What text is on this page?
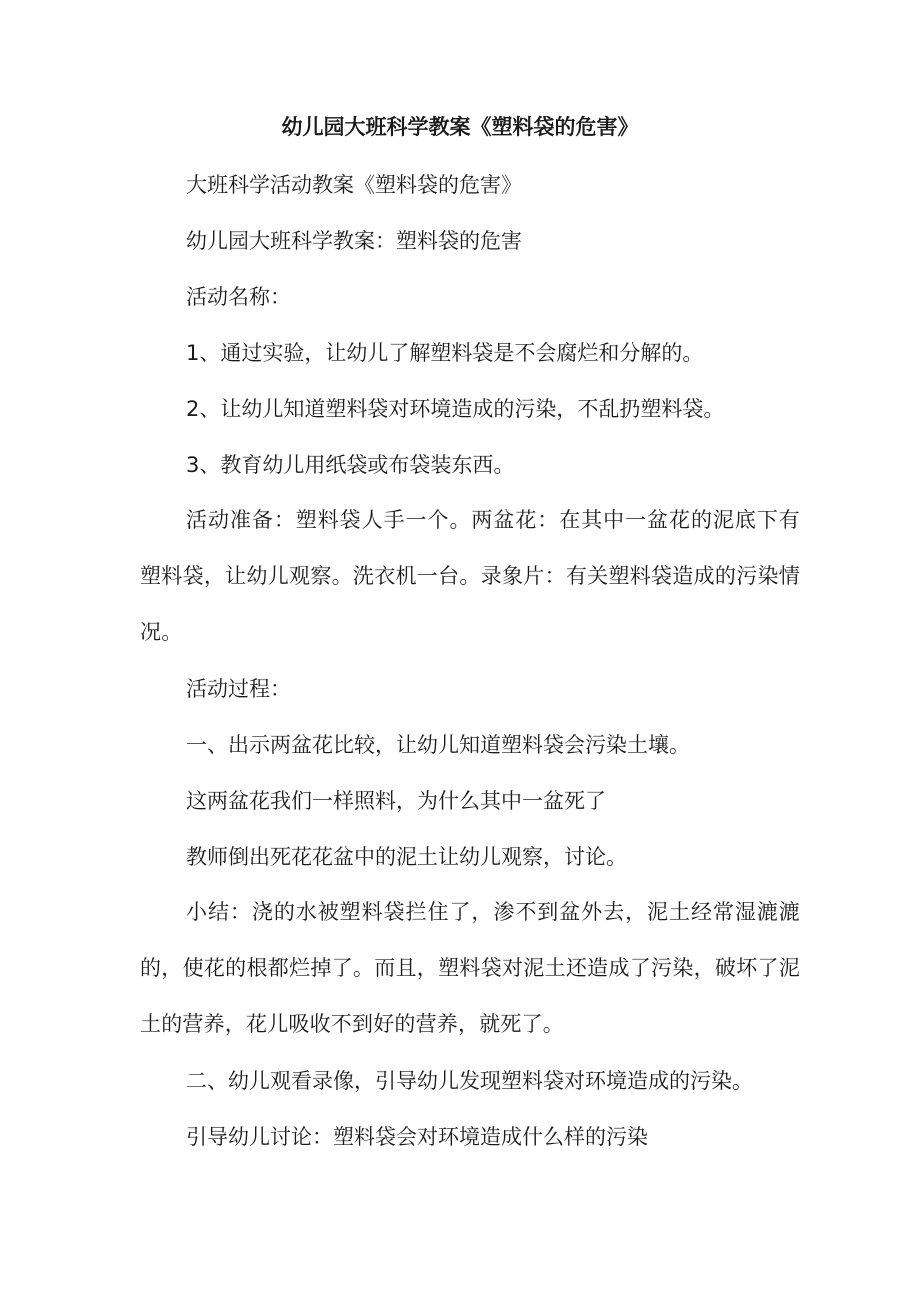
幼儿园大班科学教案《塑料袋的危害》
大班科学活动教案《塑料袋的危害》
幼儿园大班科学教案：塑料袋的危害
活动名称：
1、通过实验，让幼儿了解塑料袋是不会腐烂和分解的。
2、让幼儿知道塑料袋对环境造成的污染，不乱扔塑料袋。
3、教育幼儿用纸袋或布袋装东西。
活动准备：塑料袋人手一个。两盆花：在其中一盆花的泥底下有塑料袋，让幼儿观察。洗衣机一台。录象片：有关塑料袋造成的污染情况。
活动过程：
一、出示两盆花比较，让幼儿知道塑料袋会污染土壤。
这两盆花我们一样照料，为什么其中一盆死了
教师倒出死花花盆中的泥土让幼儿观察，讨论。
小结：浇的水被塑料袋拦住了，渗不到盆外去，泥土经常湿漉漉的，使花的根都烂掉了。而且，塑料袋对泥土还造成了污染，破坏了泥土的营养，花儿吸收不到好的营养，就死了。
二、幼儿观看录像，引导幼儿发现塑料袋对环境造成的污染。
引导幼儿讨论：塑料袋会对环境造成什么样的污染
